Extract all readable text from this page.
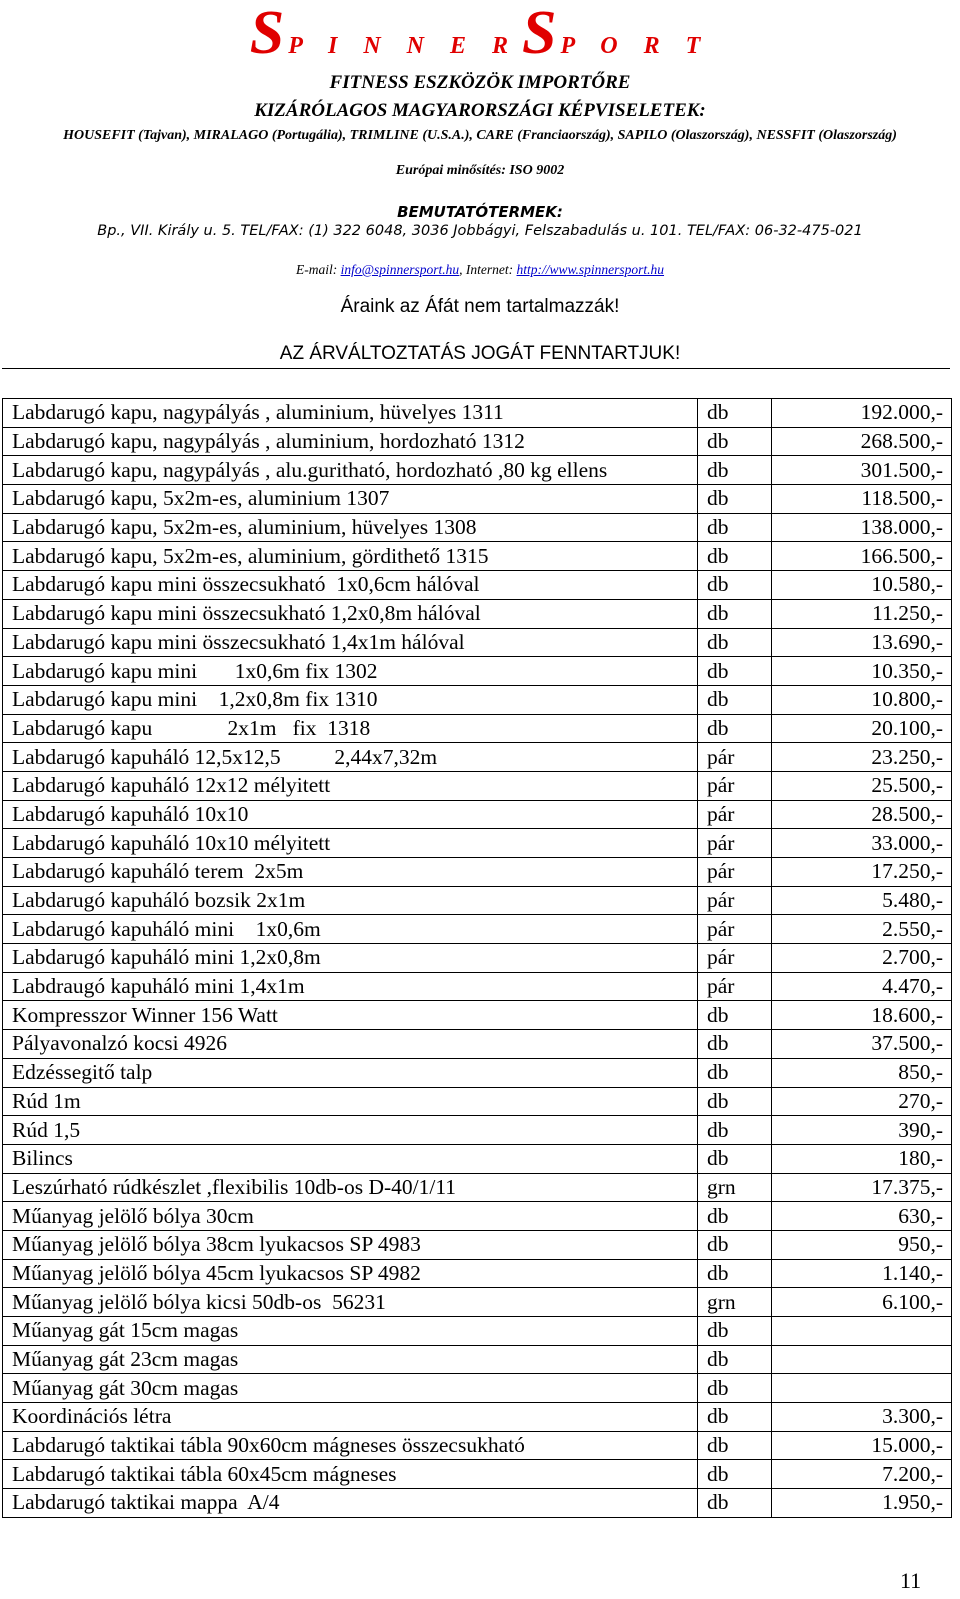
S P I N N E R S P O R T
FITNESS ESZKÖZÖK IMPORTŐRE
KIZÁRÓLAGOS MAGYARORSZÁGI KÉPVISELETEK:
HOUSEFIT (Tajvan), MIRALAGO (Portugália), TRIMLINE (U.S.A.), CARE (Franciaország), SAPILO (Olaszország), NESSFIT (Olaszország)
Európai minősítés: ISO 9002
BEMUTATÓTERMEK:
Bp., VII. Király u. 5. TEL/FAX: (1) 322 6048, 3036 Jobbágyi, Felszabadulás u. 101. TEL/FAX: 06-32-475-021
E-mail: info@spinnersport.hu, Internet: http://www.spinnersport.hu
Áraink az Áfát nem tartalmazzák!
AZ ÁRVÁLTOZTATÁS JOGÁT FENNTARTJUK!
Labdarugó kapu, nagypályás , aluminium, hüvelyes 1311	db	192.000,-
Labdarugó kapu, nagypályás , aluminium, hordozható 1312	db	268.500,-
Labdarugó kapu, nagypályás , alu.guritható, hordozható ,80 kg ellens	db	301.500,-
Labdarugó kapu, 5x2m-es, aluminium 1307	db	118.500,-
Labdarugó kapu, 5x2m-es, aluminium, hüvelyes 1308	db	138.000,-
Labdarugó kapu, 5x2m-es, aluminium, gördithető 1315	db	166.500,-
Labdarugó kapu mini összecsukható  1x0,6cm hálóval	db	10.580,-
Labdarugó kapu mini összecsukható 1,2x0,8m hálóval	db	11.250,-
Labdarugó kapu mini összecsukható 1,4x1m hálóval	db	13.690,-
Labdarugó kapu mini       1x0,6m fix 1302	db	10.350,-
Labdarugó kapu mini    1,2x0,8m fix 1310	db	10.800,-
Labdarugó kapu              2x1m   fix  1318	db	20.100,-
Labdarugó kapuháló 12,5x12,5          2,44x7,32m	pár	23.250,-
Labdarugó kapuháló 12x12 mélyitett	pár	25.500,-
Labdarugó kapuháló 10x10	pár	28.500,-
Labdarugó kapuháló 10x10 mélyitett	pár	33.000,-
Labdarugó kapuháló terem  2x5m	pár	17.250,-
Labdarugó kapuháló bozsik 2x1m	pár	5.480,-
Labdarugó kapuháló mini    1x0,6m	pár	2.550,-
Labdarugó kapuháló mini 1,2x0,8m	pár	2.700,-
Labdraugó kapuháló mini 1,4x1m	pár	4.470,-
Kompresszor Winner 156 Watt	db	18.600,-
Pályavonalzó kocsi 4926	db	37.500,-
Edzéssegitő talp	db	850,-
Rúd 1m	db	270,-
Rúd 1,5	db	390,-
Bilincs	db	180,-
Leszúrható rúdkészlet ,flexibilis 10db-os D-40/1/11	grn	17.375,-
Műanyag jelölő bólya 30cm	db	630,-
Műanyag jelölő bólya 38cm lyukacsos SP 4983	db	950,-
Műanyag jelölő bólya 45cm lyukacsos SP 4982	db	1.140,-
Műanyag jelölő bólya kicsi 50db-os  56231	grn	6.100,-
Műanyag gát 15cm magas	db	
Műanyag gát 23cm magas	db	
Műanyag gát 30cm magas	db	
Koordinációs létra	db	3.300,-
Labdarugó taktikai tábla 90x60cm mágneses összecsukható	db	15.000,-
Labdarugó taktikai tábla 60x45cm mágneses	db	7.200,-
Labdarugó taktikai mappa  A/4	db	1.950,-
11
